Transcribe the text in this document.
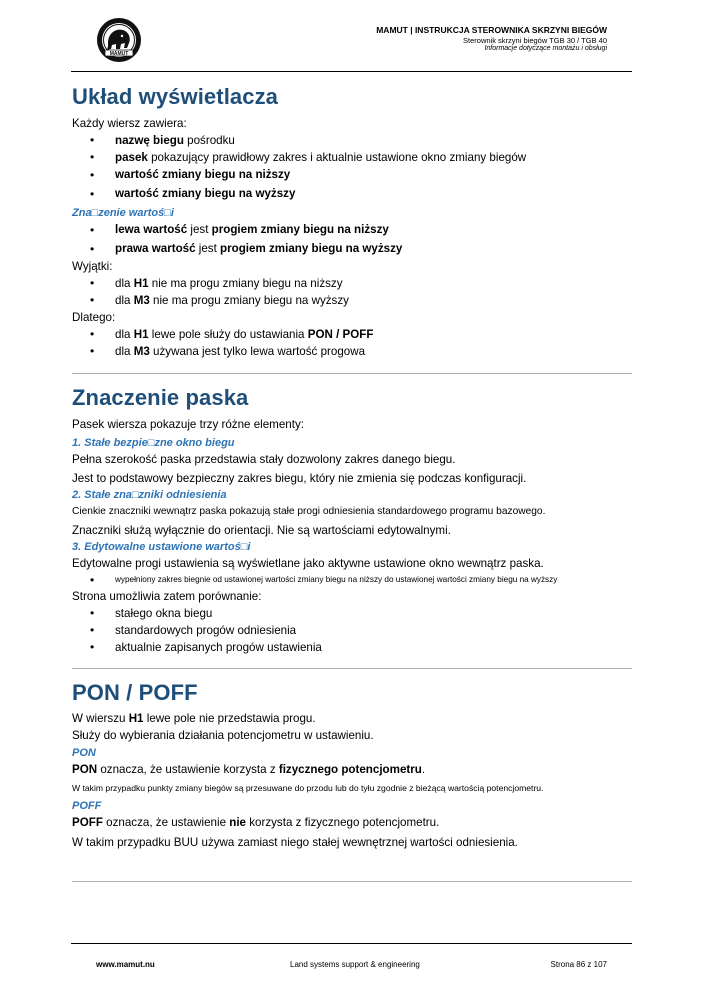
MAMUT
MAMUT | INSTRUKCJA STEROWNIKA SKRZYNI BIEGÓW
Sterownik skrzyni biegów TGB 30 / TGB 40
Informacje dotyczące montażu i obsługi
Układ wyświetlacza

Każdy wiersz zawiera:

• nazwę biegu pośrodku
• pasek pokazujący prawidłowy zakres i aktualnie ustawione okno zmiany biegów
• wartość zmiany biegu na niższy
• wartość zmiany biegu na wyższy
Zna□zenie wartoś□i
• lewa wartość jest progiem zmiany biegu na niższy
• prawa wartość jest progiem zmiany biegu na wyższy

Wyjątki:

• dla H1 nie ma progu zmiany biegu na niższy
• dla M3 nie ma progu zmiany biegu na wyższy

Dlatego:

• dla H1 lewe pole służy do ustawiania PON / POFF
• dla M3 używana jest tylko lewa wartość progowa
Znaczenie paska

Pasek wiersza pokazuje trzy różne elementy:

1. Stałe bezpie□zne okno biegu

Pełna szerokość paska przedstawia stały dozwolony zakres danego biegu.

Jest to podstawowy bezpieczny zakres biegu, który nie zmienia się podczas konfiguracji.

2. Stałe zna□zniki odniesienia

Cienkie znaczniki wewnątrz paska pokazują stałe progi odniesienia standardowego programu bazowego.

Znaczniki służą wyłącznie do orientacji. Nie są wartościami edytowalnymi.

3. Edytowalne ustawione wartoś□i

Edytowalne progi ustawienia są wyświetlane jako aktywne ustawione okno wewnątrz paska.

• wypełniony zakres biegnie od ustawionej wartości zmiany biegu na niższy do ustawionej wartości zmiany biegu na wyższy

Strona umożliwia zatem porównanie:

• stałego okna biegu
• standardowych progów odniesienia
• aktualnie zapisanych progów ustawienia
PON / POFF

W wierszu H1 lewe pole nie przedstawia progu.

Służy do wybierania działania potencjometru w ustawieniu.

PON

PON oznacza, że ustawienie korzysta z fizycznego potencjometru.

W takim przypadku punkty zmiany biegów są przesuwane do przodu lub do tyłu zgodnie z bieżącą wartością potencjometru.

POFF

POFF oznacza, że ustawienie nie korzysta z fizycznego potencjometru.

W takim przypadku BUU używa zamiast niego stałej wewnętrznej wartości odniesienia.

www.mamut.nu	Land systems support & engineering	Strona 86 z 107
